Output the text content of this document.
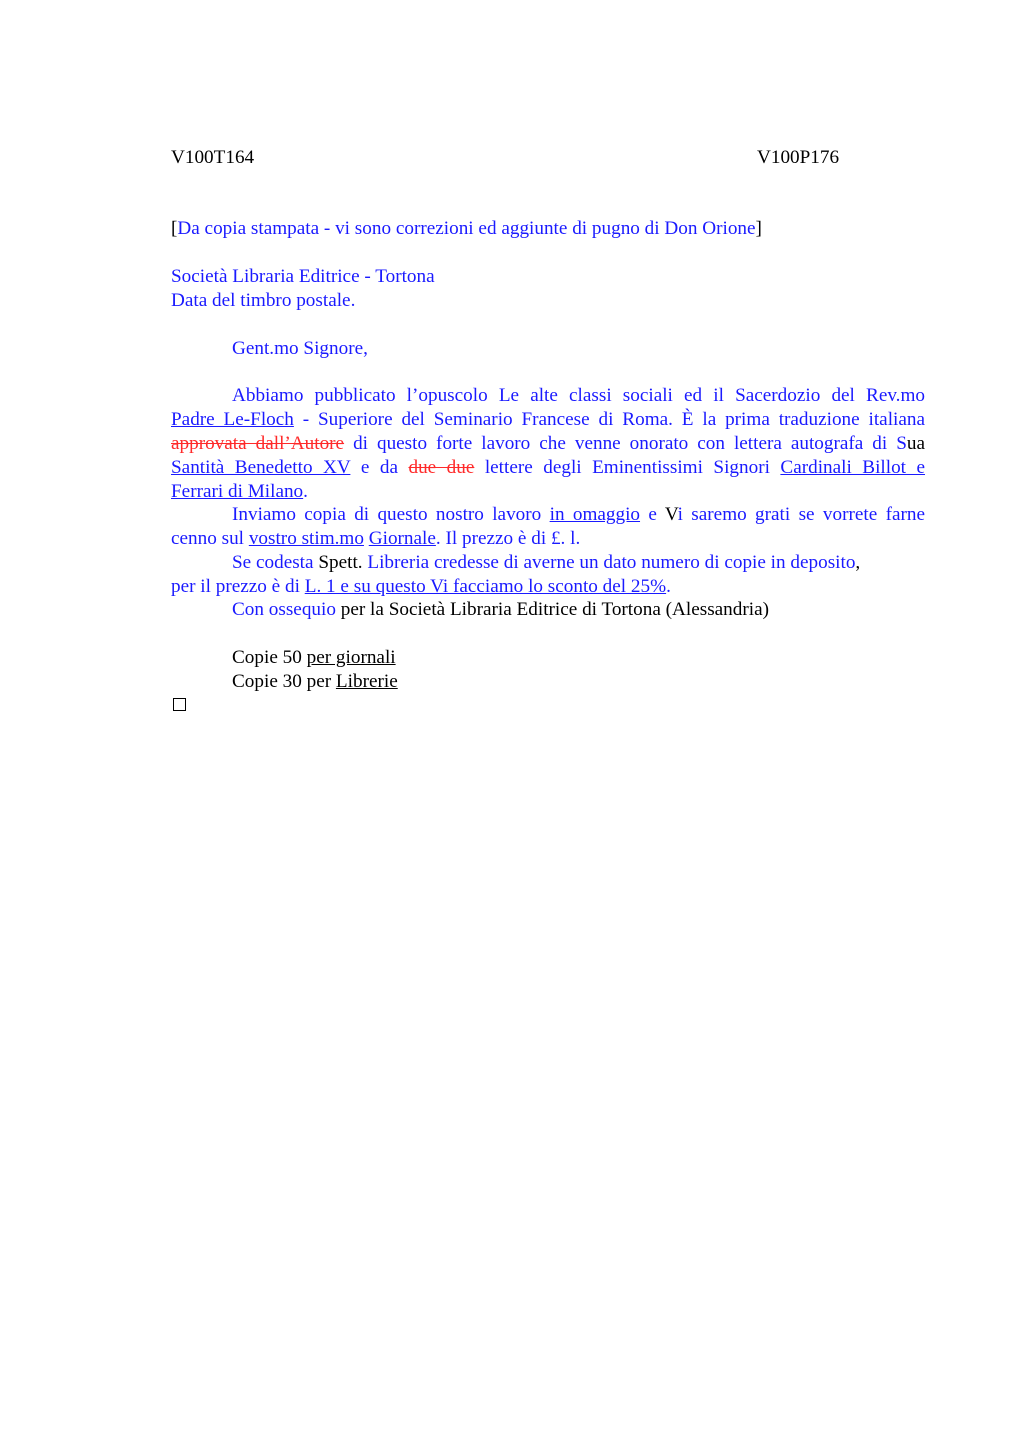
V100T164	V100P176
[Da copia stampata - vi sono correzioni ed aggiunte di pugno di Don Orione]
Società Libraria Editrice - Tortona
Data del timbro postale.
Gent.mo Signore,
Abbiamo pubblicato l’opuscolo Le alte classi sociali ed il Sacerdozio del Rev.mo
Padre Le-Floch - Superiore del Seminario Francese di Roma. È la prima traduzione italiana
approvata dall’Autore di questo forte lavoro che venne onorato con lettera autografa di Sua
Santità Benedetto XV e da due due lettere degli Eminentissimi Signori Cardinali Billot e
Ferrari di Milano.
Inviamo copia di questo nostro lavoro in omaggio e Vi saremo grati se vorrete farne
cenno sul vostro stim.mo Giornale. Il prezzo è di £. l.
Se codesta Spett. Libreria credesse di averne un dato numero di copie in deposito,
per il prezzo è di L. 1 e su questo Vi facciamo lo sconto del 25%.
Con ossequio per la Società Libraria Editrice di Tortona (Alessandria)
Copie 50 per giornali
Copie 30 per Librerie
